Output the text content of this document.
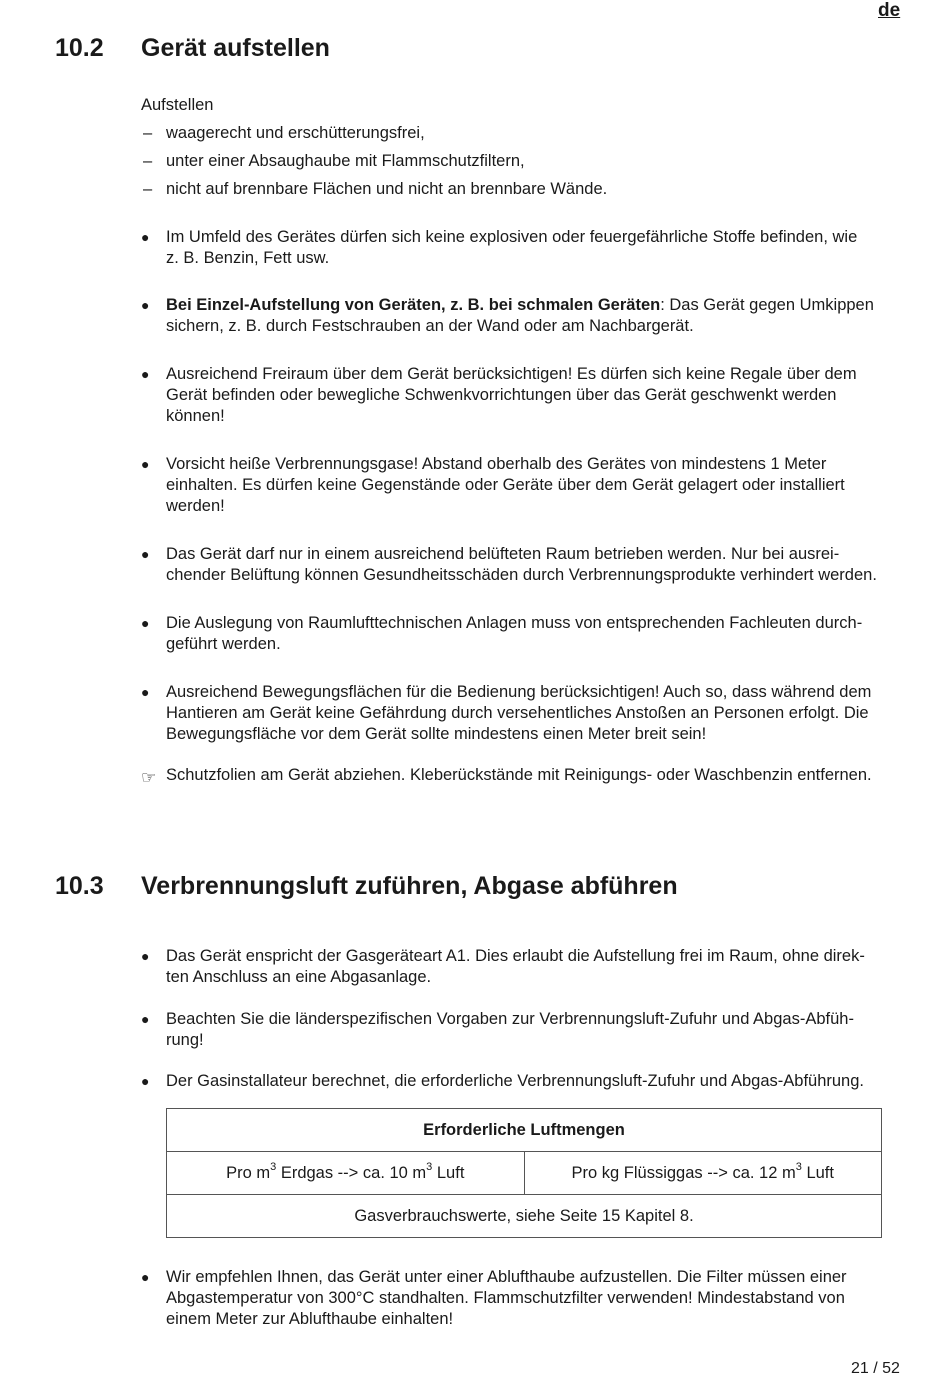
de
10.2 Gerät aufstellen
Aufstellen
– waagerecht und erschütterungsfrei,
– unter einer Absaughaube mit Flammschutzfiltern,
– nicht auf brennbare Flächen und nicht an brennbare Wände.
● Im Umfeld des Gerätes dürfen sich keine explosiven oder feuergefährliche Stoffe befinden, wie
z. B. Benzin, Fett usw.
● Bei Einzel-Aufstellung von Geräten, z. B. bei schmalen Geräten: Das Gerät gegen Umkippen
sichern, z. B. durch Festschrauben an der Wand oder am Nachbargerät.
● Ausreichend Freiraum über dem Gerät berücksichtigen! Es dürfen sich keine Regale über dem
Gerät befinden oder bewegliche Schwenkvorrichtungen über das Gerät geschwenkt werden
können!
● Vorsicht heiße Verbrennungsgase! Abstand oberhalb des Gerätes von mindestens 1 Meter
einhalten. Es dürfen keine Gegenstände oder Geräte über dem Gerät gelagert oder installiert
werden!
● Das Gerät darf nur in einem ausreichend belüfteten Raum betrieben werden. Nur bei ausrei-
chender Belüftung können Gesundheitsschäden durch Verbrennungsprodukte verhindert werden.
● Die Auslegung von Raumlufttechnischen Anlagen muss von entsprechenden Fachleuten durch-
geführt werden.
● Ausreichend Bewegungsflächen für die Bedienung berücksichtigen! Auch so, dass während dem
Hantieren am Gerät keine Gefährdung durch versehentliches Anstoßen an Personen erfolgt. Die
Bewegungsfläche vor dem Gerät sollte mindestens einen Meter breit sein!
☞ Schutzfolien am Gerät abziehen. Kleberückstände mit Reinigungs- oder Waschbenzin entfernen.
10.3 Verbrennungsluft zuführen, Abgase abführen
● Das Gerät enspricht der Gasgeräteart A1. Dies erlaubt die Aufstellung frei im Raum, ohne direk-
ten Anschluss an eine Abgasanlage.
● Beachten Sie die länderspezifischen Vorgaben zur Verbrennungsluft-Zufuhr und Abgas-Abfüh-
rung!
● Der Gasinstallateur berechnet, die erforderliche Verbrennungsluft-Zufuhr und Abgas-Abführung.
Erforderliche Luftmengen
Pro $m^3$ Erdgas --> ca. 10 $m^3$ Luft	Pro kg Flüssiggas --> ca. 12 $m^3$ Luft
Gasverbrauchswerte, siehe Seite 15 Kapitel 8.
● Wir empfehlen Ihnen, das Gerät unter einer Ablufthaube aufzustellen. Die Filter müssen einer
Abgastemperatur von 300°C standhalten. Flammschutzfilter verwenden! Mindestabstand von
einem Meter zur Ablufthaube einhalten!
21 / 52
